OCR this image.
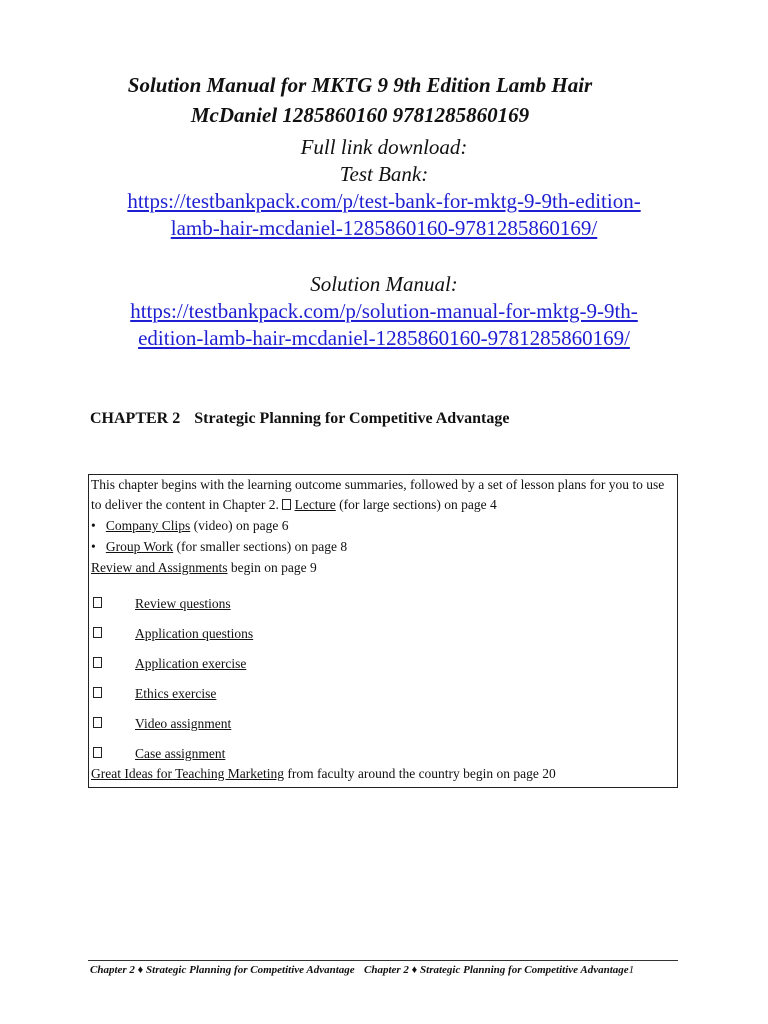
Solution Manual for MKTG 9 9th Edition Lamb Hair
McDaniel 1285860160 9781285860169
Full link download:
Test Bank:
https://testbankpack.com/p/test-bank-for-mktg-9-9th-edition-
lamb-hair-mcdaniel-1285860160-9781285860169/
Solution Manual:
https://testbankpack.com/p/solution-manual-for-mktg-9-9th-
edition-lamb-hair-mcdaniel-1285860160-9781285860169/
CHAPTER 2 Strategic Planning for Competitive Advantage
This chapter begins with the learning outcome summaries, followed by a set of lesson plans for you to use
to deliver the content in Chapter 2. Lecture (for large sections) on page 4
• Company Clips (video) on page 6
• Group Work (for smaller sections) on page 8
Review and Assignments begin on page 9
Review questions
Application questions
Application exercise
Ethics exercise
Video assignment
Case assignment
Great Ideas for Teaching Marketing from faculty around the country begin on page 20
Chapter 2 ♦ Strategic Planning for Competitive Advantage Chapter 2 ♦ Strategic Planning for Competitive Advantage1
